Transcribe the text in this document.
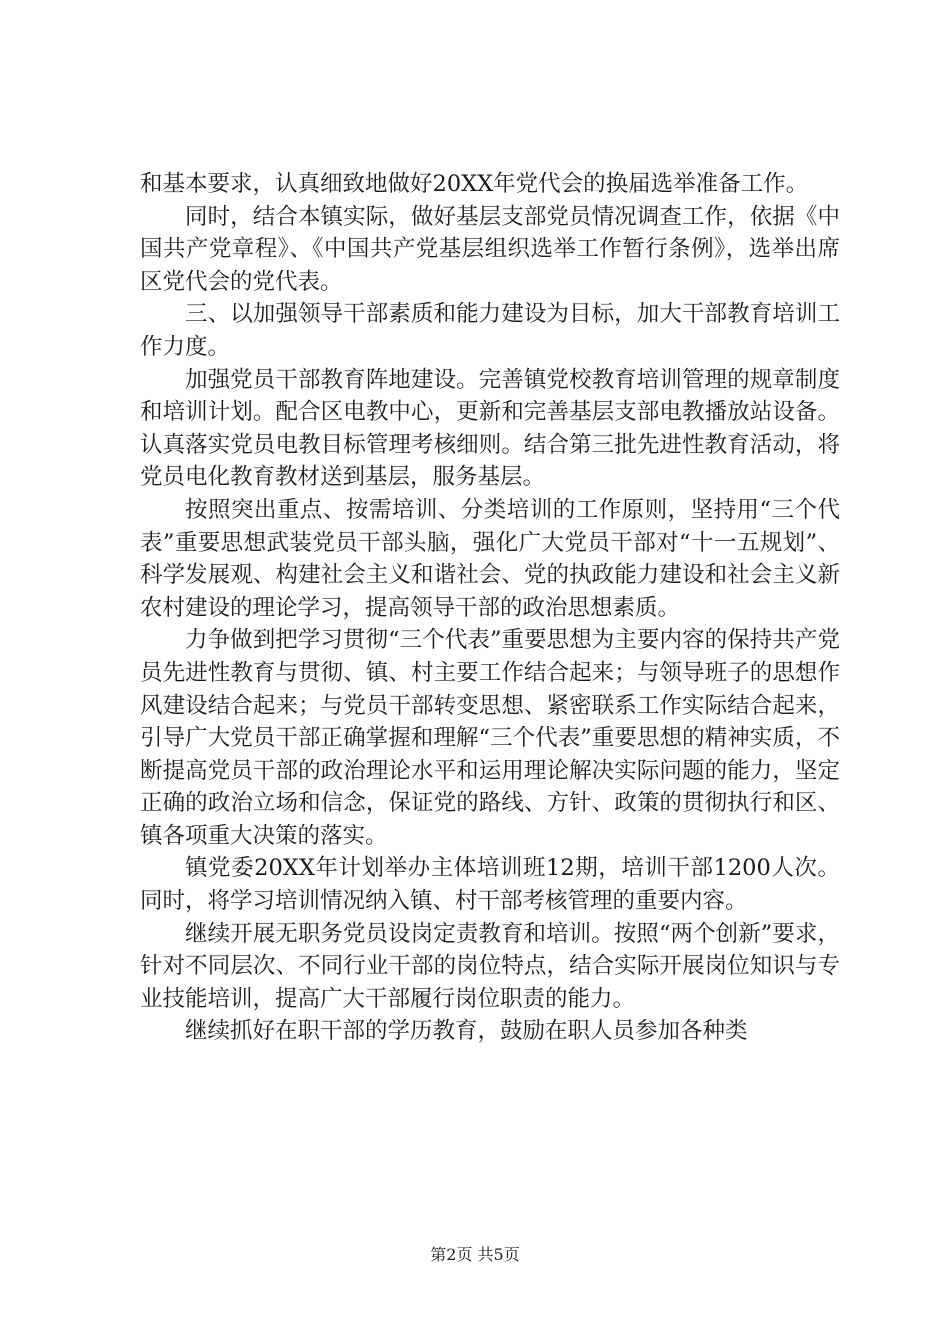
和基本要求，认真细致地做好20XX年党代会的换届选举准备工作。

同时，结合本镇实际，做好基层支部党员情况调查工作，依据《中国共产党章程》、《中国共产党基层组织选举工作暂行条例》，选举出席区党代会的党代表。

三、以加强领导干部素质和能力建设为目标，加大干部教育培训工作力度。

加强党员干部教育阵地建设。完善镇党校教育培训管理的规章制度和培训计划。配合区电教中心，更新和完善基层支部电教播放站设备。认真落实党员电教目标管理考核细则。结合第三批先进性教育活动，将党员电化教育教材送到基层，服务基层。

按照突出重点、按需培训、分类培训的工作原则，坚持用“三个代表”重要思想武装党员干部头脑，强化广大党员干部对“十一五规划”、科学发展观、构建社会主义和谐社会、党的执政能力建设和社会主义新农村建设的理论学习，提高领导干部的政治思想素质。

力争做到把学习贯彻“三个代表”重要思想为主要内容的保持共产党员先进性教育与贯彻、镇、村主要工作结合起来；与领导班子的思想作风建设结合起来；与党员干部转变思想、紧密联系工作实际结合起来，引导广大党员干部正确掌握和理解“三个代表”重要思想的精神实质，不断提高党员干部的政治理论水平和运用理论解决实际问题的能力，坚定正确的政治立场和信念，保证党的路线、方针、政策的贯彻执行和区、镇各项重大决策的落实。

镇党委20XX年计划举办主体培训班12期，培训干部1200人次。同时，将学习培训情况纳入镇、村干部考核管理的重要内容。

继续开展无职务党员设岗定责教育和培训。按照“两个创新”要求，针对不同层次、不同行业干部的岗位特点，结合实际开展岗位知识与专业技能培训，提高广大干部履行岗位职责的能力。

继续抓好在职干部的学历教育，鼓励在职人员参加各种类

第2页 共5页
